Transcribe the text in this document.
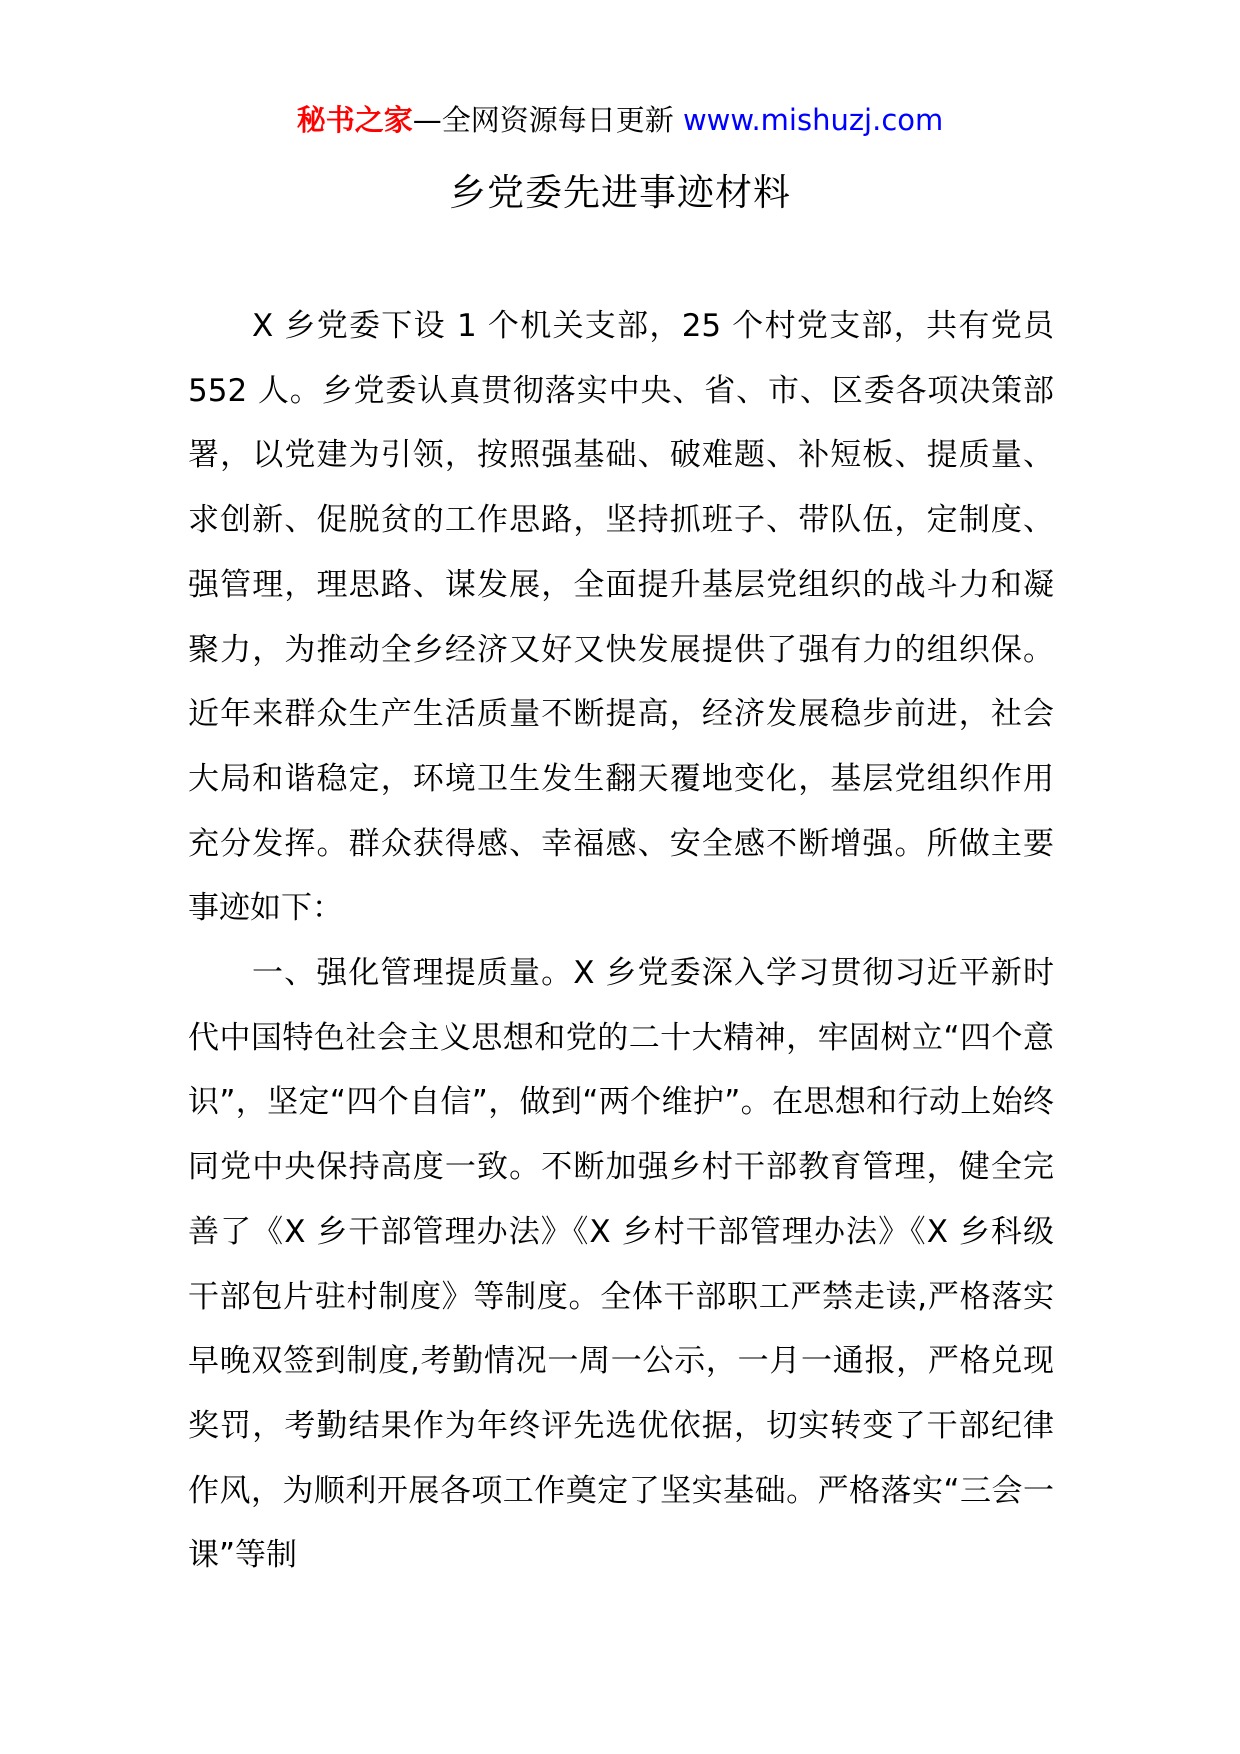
秘书之家—全网资源每日更新 www.mishuzj.com
乡党委先进事迹材料

X 乡党委下设 1 个机关支部，25 个村党支部，共有党员 552 人。乡党委认真贯彻落实中央、省、市、区委各项决策部署，以党建为引领，按照强基础、破难题、补短板、提质量、求创新、促脱贫的工作思路，坚持抓班子、带队伍，定制度、强管理，理思路、谋发展，全面提升基层党组织的战斗力和凝聚力，为推动全乡经济又好又快发展提供了强有力的组织保。近年来群众生产生活质量不断提高，经济发展稳步前进，社会大局和谐稳定，环境卫生发生翻天覆地变化，基层党组织作用充分发挥。群众获得感、幸福感、安全感不断增强。所做主要事迹如下：

一、强化管理提质量。X 乡党委深入学习贯彻习近平新时代中国特色社会主义思想和党的二十大精神，牢固树立“四个意识”，坚定“四个自信”，做到“两个维护”。在思想和行动上始终同党中央保持高度一致。不断加强乡村干部教育管理，健全完善了《X 乡干部管理办法》《X 乡村干部管理办法》《X 乡科级干部包片驻村制度》等制度。全体干部职工严禁走读,严格落实早晚双签到制度,考勤情况一周一公示，一月一通报，严格兑现奖罚，考勤结果作为年终评先选优依据，切实转变了干部纪律作风，为顺利开展各项工作奠定了坚实基础。严格落实“三会一课”等制
